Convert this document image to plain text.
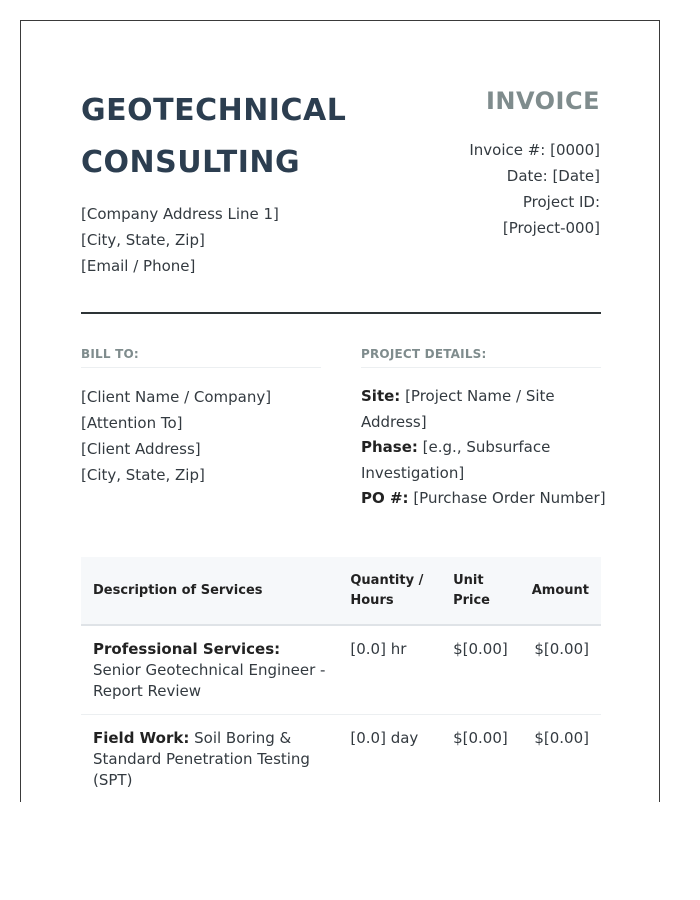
GEOTECHNICAL
CONSULTING
[Company Address Line 1]
[City, State, Zip]
[Email / Phone]
INVOICE
Invoice #: [0000]
Date: [Date]
Project ID:
[Project-000]
BILL TO:	PROJECT DETAILS:
[Client Name / Company]
[Attention To]
[Client Address]
[City, State, Zip]
Site: [Project Name / Site Address]
Phase: [e.g., Subsurface Investigation]
PO #: [Purchase Order Number]
Description of Services	Quantity / Hours	Unit Price	Amount
Professional Services: Senior Geotechnical Engineer - Report Review	[0.0] hr	$[0.00]	$[0.00]
Field Work: Soil Boring & Standard Penetration Testing (SPT)	[0.0] day	$[0.00]	$[0.00]
